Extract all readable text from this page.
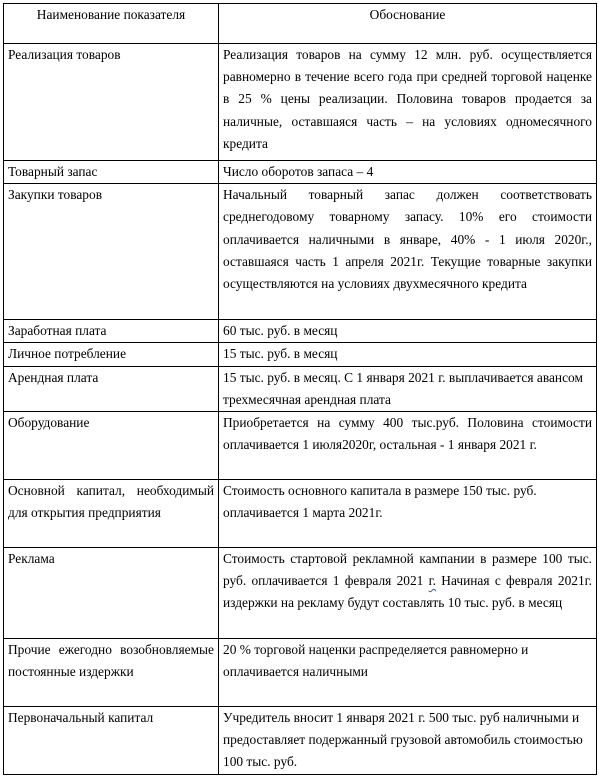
Наименование показателя	Обоснование
Реализация товаров	Реализация товаров на сумму 12 млн. руб. осуществляется равномерно в течение всего года при средней торговой наценке в 25 % цены реализации. Половина товаров продается за наличные, оставшаяся часть – на условиях одномесячного кредита
Товарный запас	Число оборотов запаса – 4
Закупки товаров	Начальный товарный запас должен соответствовать среднегодовому товарному запасу. 10% его стоимости оплачивается наличными в январе, 40% - 1 июля 2020г., оставшаяся часть 1 апреля 2021г. Текущие товарные закупки осуществляются на условиях двухмесячного кредита
Заработная плата	60 тыс. руб. в месяц
Личное потребление	15 тыс. руб. в месяц
Арендная плата	15 тыс. руб. в месяц. С 1 января 2021 г. выплачивается авансом трехмесячная арендная плата
Оборудование	Приобретается на сумму 400 тыс.руб. Половина стоимости оплачивается 1 июля2020г, остальная - 1 января 2021 г.
Основной капитал, необходимый для открытия предприятия	Стоимость основного капитала в размере 150 тыс. руб. оплачивается 1 марта 2021г.
Реклама	Стоимость стартовой рекламной кампании в размере 100 тыс. руб. оплачивается 1 февраля 2021 г. Начиная с февраля 2021г. издержки на рекламу будут составлять 10 тыс. руб. в месяц
Прочие ежегодно возобновляемые постоянные издержки	20 % торговой наценки распределяется равномерно и оплачивается наличными
Первоначальный капитал	Учредитель вносит 1 января 2021 г. 500 тыс. руб наличными и предоставляет подержанный грузовой автомобиль стоимостью 100 тыс. руб.
